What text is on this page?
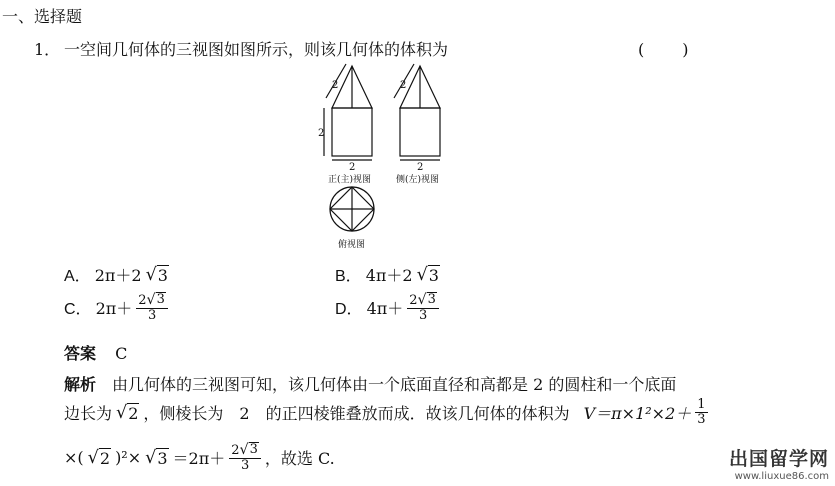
一、选择题
1． 一空间几何体的三视图如图所示，则该几何体的体积为	(　　)
2
2
2
2
2
正(主)视图	侧(左)视图
俯视图
A． 2π＋2 √ 3	B． 4π＋2 √ 3
C． $2\pi+ \frac{2 √ 3}{3}$	D． $4\pi+ \frac{2 √ 3}{3}$
答案 C
解析 由几何体的三视图可知，该几何体由一个底面直径和高都是 2 的圆柱和一个底面
边长为 √ 2 ，侧棱长为　2　的正四棱锥叠放而成．故该几何体的体积为 $V=\pi\times 1^2\times 2+ \frac{1}{3}$
×( √ 2 )²× √ $3 =2\pi+ \frac{2 √ 3}{3}$ ，故选 C.	出国留学网
www.liuxue86.com
